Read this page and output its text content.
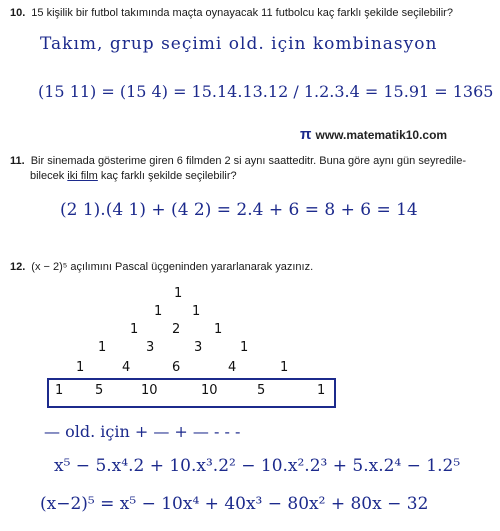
10. 15 kişilik bir futbol takımında maçta oynayacak 11 futbolcu kaç farklı şekilde seçilebilir?
Takım, grup seçimi old. için kombinasyon
(15 11) = (15 4) = 15.14.13.12 / 1.2.3.4 = 15.91 = 1365
π www.matematik10.com
11. Bir sinemada gösterime giren 6 filmden 2 si aynı saatteditr. Buna göre aynı gün seyredile-
bilecek iki film kaç farklı şekilde seçilebilir?
(2 1).(4 1) + (4 2) = 2.4 + 6 = 8 + 6 = 14
12. (x − 2)⁵ açılımını Pascal üçgeninden yararlanarak yazınız.
1
1 1
1	2	1
1	3	3	1
1	4	6	4	1
1 5	10	10	5	1
— old. için + — + — - - -
x⁵ − 5.x⁴.2 + 10.x³.2² − 10.x².2³ + 5.x.2⁴ − 1.2⁵
(x−2)⁵ = x⁵ − 10x⁴ + 40x³ − 80x² + 80x − 32
